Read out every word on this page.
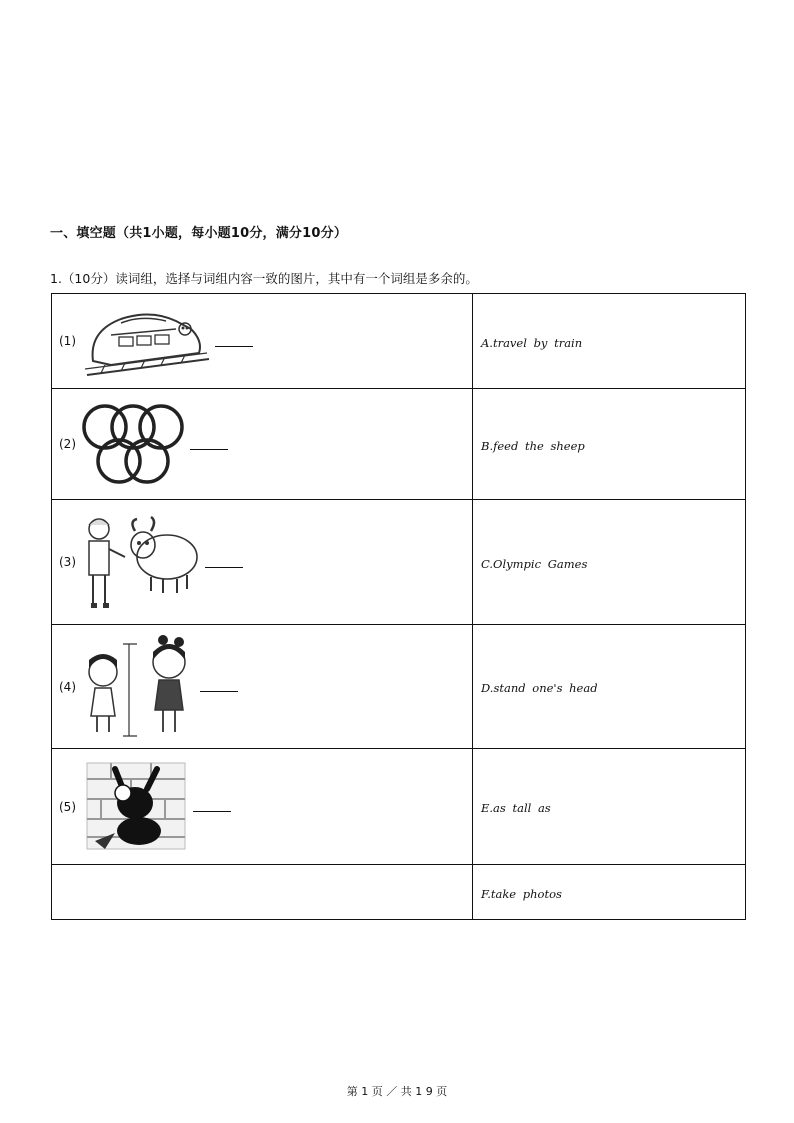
一、填空题（共1小题，每小题10分，满分10分）
1.（10分）读词组，选择与词组内容一致的图片，其中有一个词组是多余的。
(1)	A.travel by train

(2)	B.feed the sheep

(3)	C.Olympic Games

(4)	D.stand one's head

(5)	E.as tall as
	F.take photos
第 1 页 ／ 共 1 9 页
